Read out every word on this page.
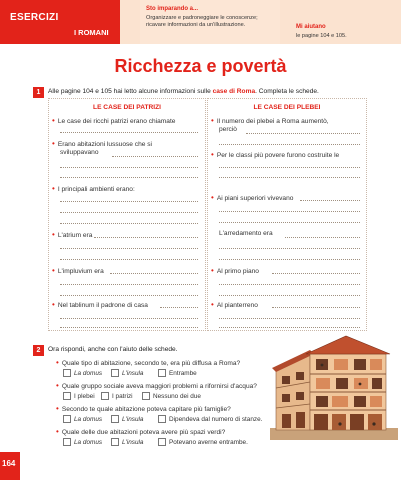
ESERCIZI
I ROMANI
Sto imparando a...
Organizzare e padroneggiare le conoscenze; ricavare informazioni da un'illustrazione.	Mi aiutano
le pagine 104 e 105.
Ricchezza e povertà
1	Alle pagine 104 e 105 hai letto alcune informazioni sulle case di Roma. Completa le schede.
LE CASE DEI PATRIZI	LE CASE DEI PLEBEI
• Le case dei ricchi patrizi erano chiamate
• Erano abitazioni lussuose che si
sviluppavano
• I principali ambienti erano:
• L'atrium era
• L'impluvium era
• Nel tablinum il padrone di casa
• Il numero dei plebei a Roma aumentò,
perciò
• Per le classi più povere furono costruite le
• Ai piani superiori vivevano
L'arredamento era
• Al primo piano
• Al pianterreno
2	Ora rispondi, anche con l'aiuto delle schede.
• Quale tipo di abitazione, secondo te, era più diffusa a Roma?
La domus	L'insula	Entrambe
• Quale gruppo sociale aveva maggiori problemi a rifornirsi d'acqua?
I plebei	I patrizi	Nessuno dei due
• Secondo te quale abitazione poteva capitare più famiglie?
La domus	L'insula	Dipendeva dal numero di stanze.
• Quale delle due abitazioni poteva avere più spazi verdi?
La domus	L'insula	Potevano averne entrambe.
164
